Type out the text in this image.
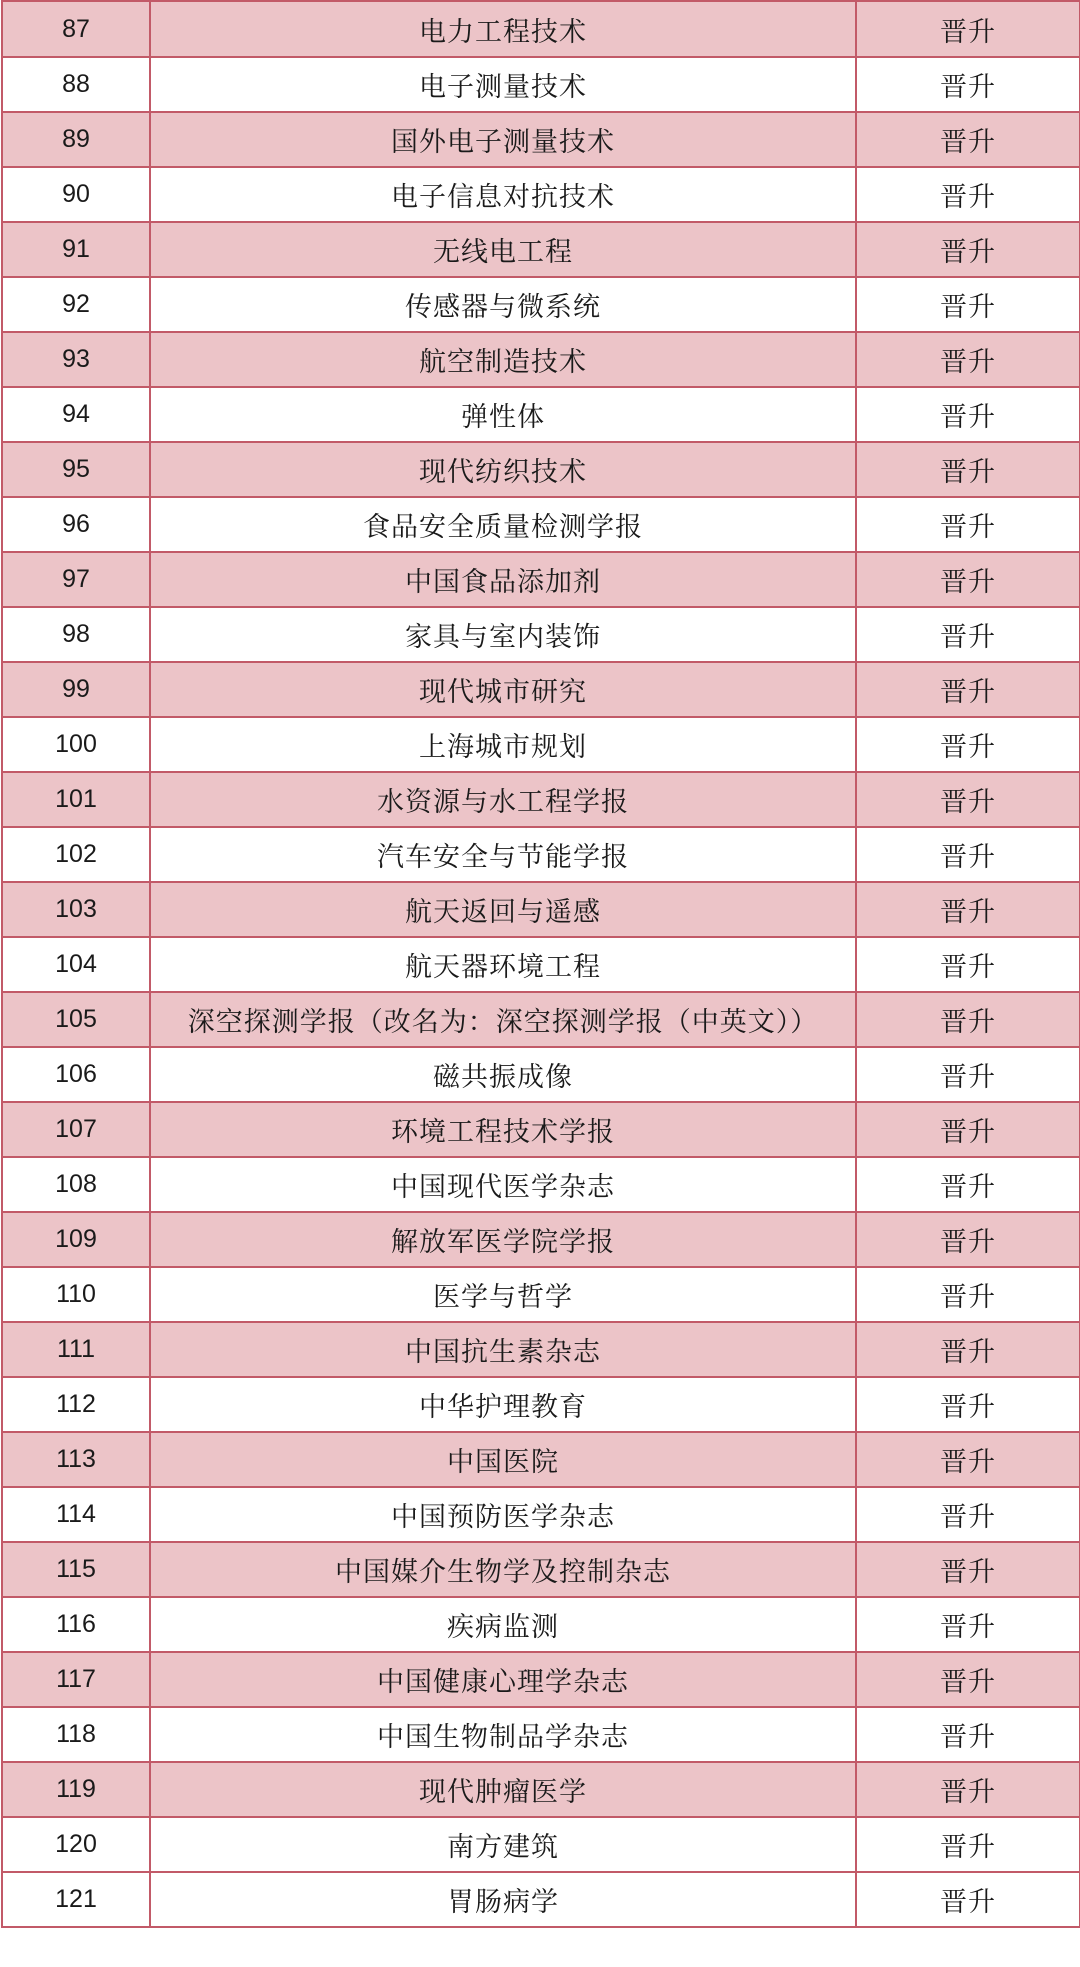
87	电力工程技术	晋升
88	电子测量技术	晋升
89	国外电子测量技术	晋升
90	电子信息对抗技术	晋升
91	无线电工程	晋升
92	传感器与微系统	晋升
93	航空制造技术	晋升
94	弹性体	晋升
95	现代纺织技术	晋升
96	食品安全质量检测学报	晋升
97	中国食品添加剂	晋升
98	家具与室内装饰	晋升
99	现代城市研究	晋升
100	上海城市规划	晋升
101	水资源与水工程学报	晋升
102	汽车安全与节能学报	晋升
103	航天返回与遥感	晋升
104	航天器环境工程	晋升
105	深空探测学报（改名为：深空探测学报（中英文））	晋升
106	磁共振成像	晋升
107	环境工程技术学报	晋升
108	中国现代医学杂志	晋升
109	解放军医学院学报	晋升
110	医学与哲学	晋升
111	中国抗生素杂志	晋升
112	中华护理教育	晋升
113	中国医院	晋升
114	中国预防医学杂志	晋升
115	中国媒介生物学及控制杂志	晋升
116	疾病监测	晋升
117	中国健康心理学杂志	晋升
118	中国生物制品学杂志	晋升
119	现代肿瘤医学	晋升
120	南方建筑	晋升
121	胃肠病学	晋升
